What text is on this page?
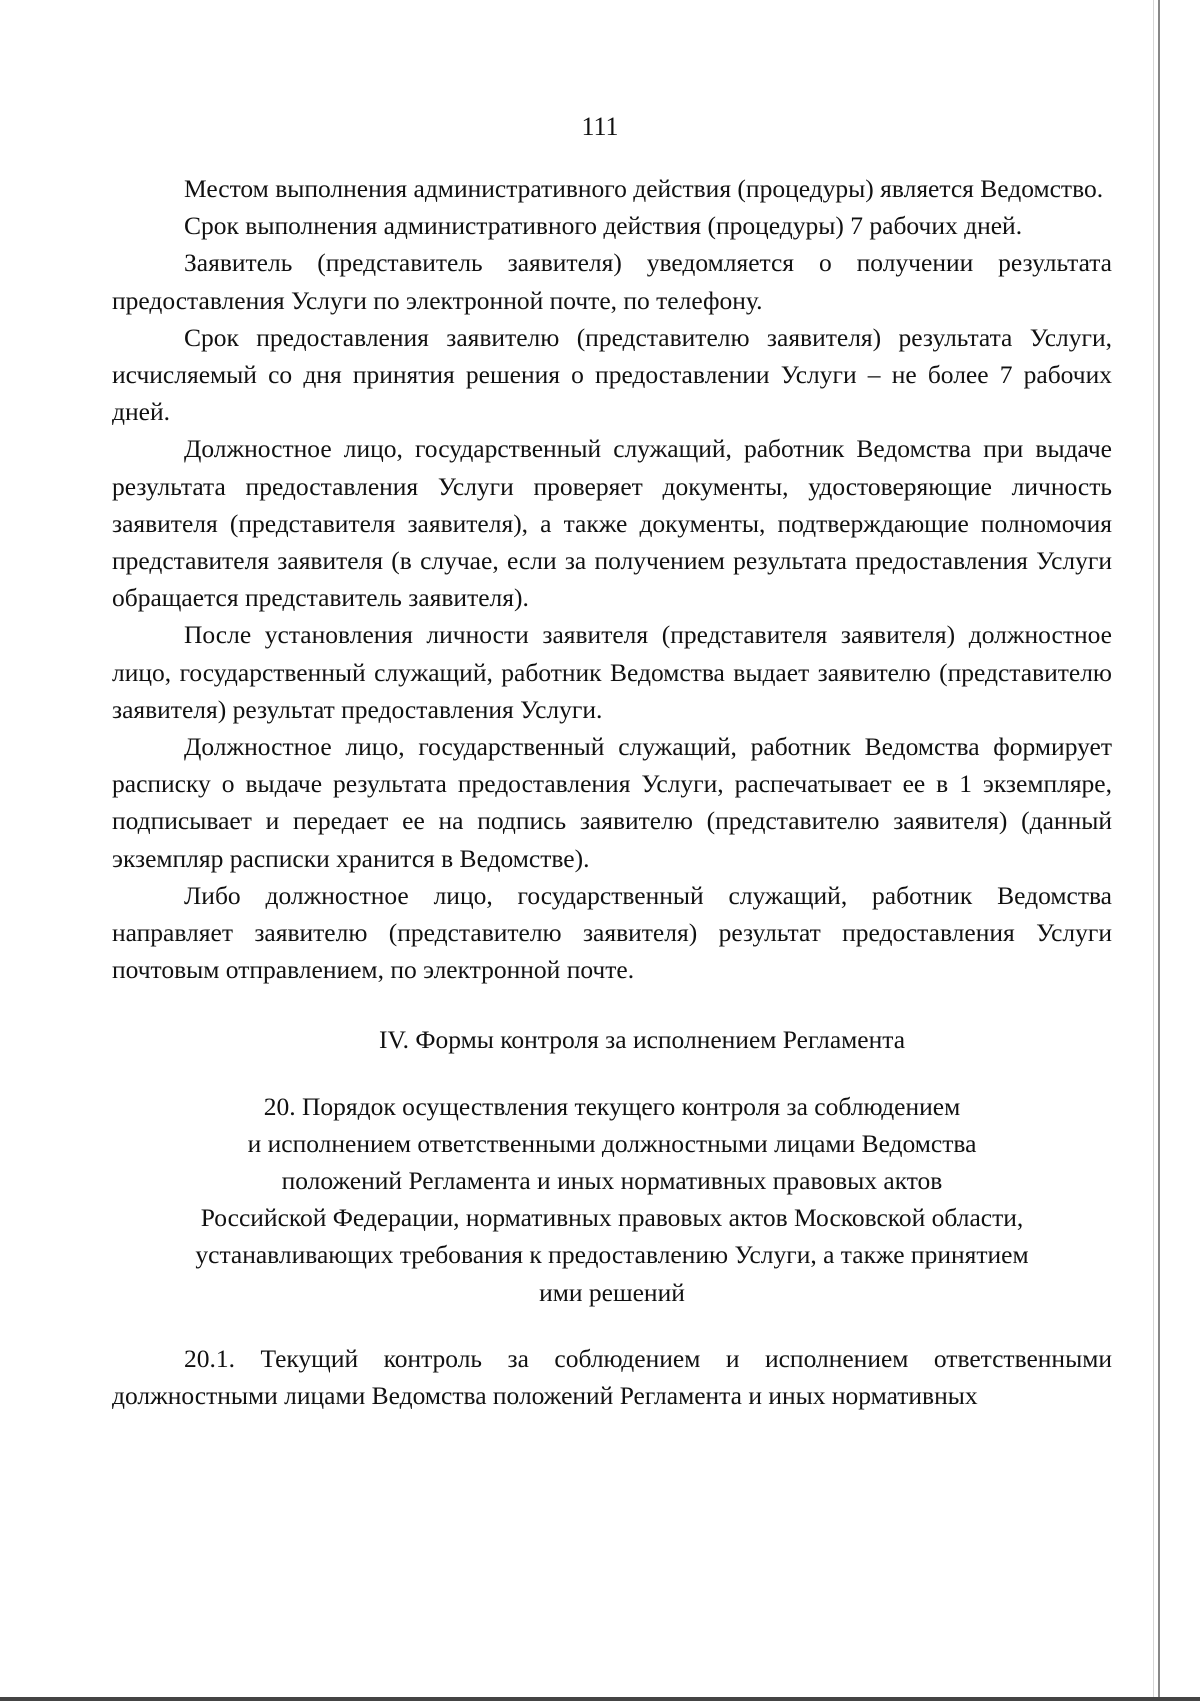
111

Местом выполнения административного действия (процедуры) является Ведомство.

Срок выполнения административного действия (процедуры) 7 рабочих дней.

Заявитель (представитель заявителя) уведомляется о получении результата предоставления Услуги по электронной почте, по телефону.

Срок предоставления заявителю (представителю заявителя) результата Услуги, исчисляемый со дня принятия решения о предоставлении Услуги – не более 7 рабочих дней.

Должностное лицо, государственный служащий, работник Ведомства при выдаче результата предоставления Услуги проверяет документы, удостоверяющие личность заявителя (представителя заявителя), а также документы, подтверждающие полномочия представителя заявителя (в случае, если за получением результата предоставления Услуги обращается представитель заявителя).

После установления личности заявителя (представителя заявителя) должностное лицо, государственный служащий, работник Ведомства выдает заявителю (представителю заявителя) результат предоставления Услуги.

Должностное лицо, государственный служащий, работник Ведомства формирует расписку о выдаче результата предоставления Услуги, распечатывает ее в 1 экземпляре, подписывает и передает ее на подпись заявителю (представителю заявителя) (данный экземпляр расписки хранится в Ведомстве).

Либо должностное лицо, государственный служащий, работник Ведомства направляет заявителю (представителю заявителя) результат предоставления Услуги почтовым отправлением, по электронной почте.

IV. Формы контроля за исполнением Регламента

20. Порядок осуществления текущего контроля за соблюдением
и исполнением ответственными должностными лицами Ведомства
положений Регламента и иных нормативных правовых актов
Российской Федерации, нормативных правовых актов Московской области,
устанавливающих требования к предоставлению Услуги, а также принятием
ими решений

20.1. Текущий контроль за соблюдением и исполнением ответственными должностными лицами Ведомства положений Регламента и иных нормативных
